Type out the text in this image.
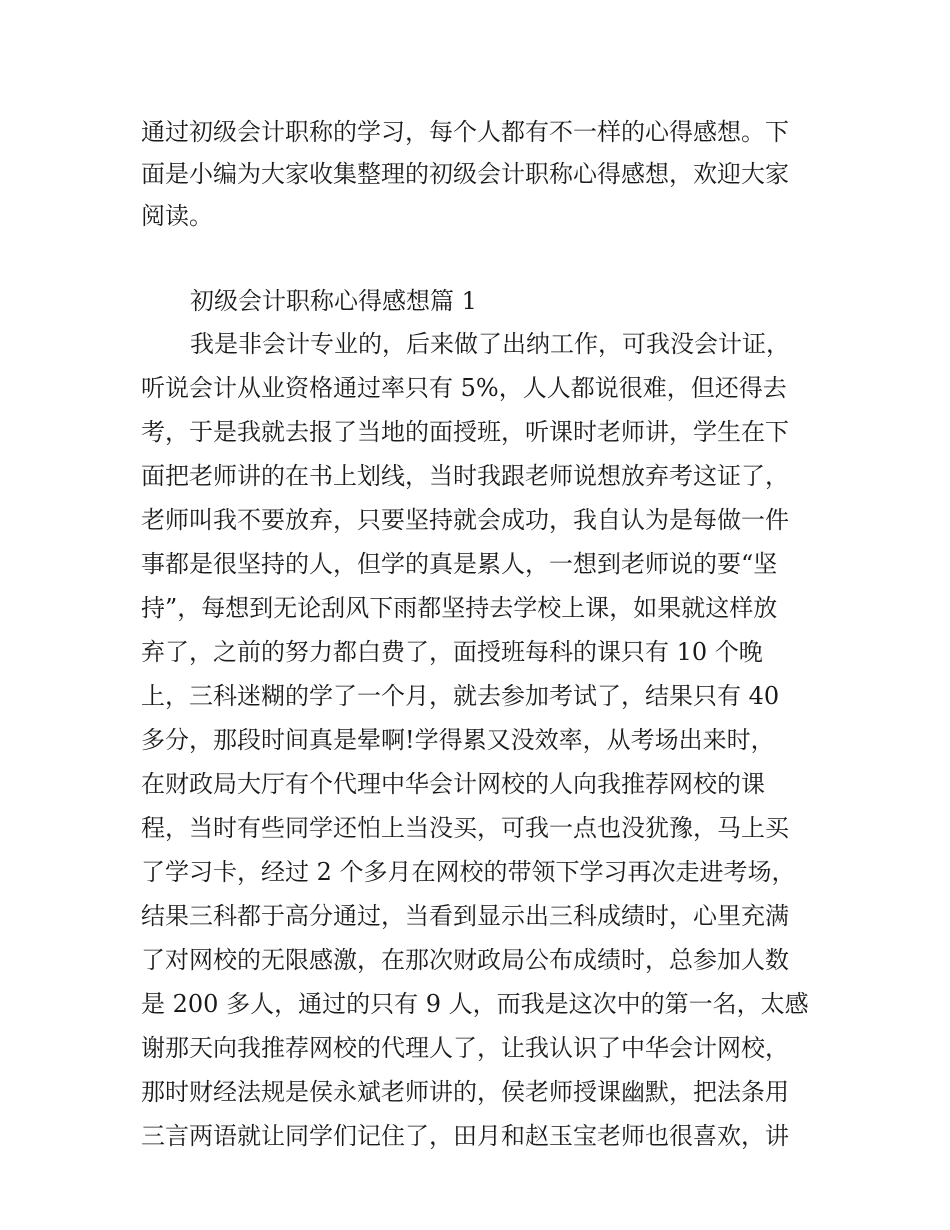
通过初级会计职称的学习，每个人都有不一样的心得感想。下
面是小编为大家收集整理的初级会计职称心得感想，欢迎大家
阅读。

初级会计职称心得感想篇 1

我是非会计专业的，后来做了出纳工作，可我没会计证，
听说会计从业资格通过率只有 5%，人人都说很难，但还得去
考，于是我就去报了当地的面授班，听课时老师讲，学生在下
面把老师讲的在书上划线，当时我跟老师说想放弃考这证了，
老师叫我不要放弃，只要坚持就会成功，我自认为是每做一件
事都是很坚持的人，但学的真是累人，一想到老师说的要“坚
持”，每想到无论刮风下雨都坚持去学校上课，如果就这样放
弃了，之前的努力都白费了，面授班每科的课只有 10 个晚
上，三科迷糊的学了一个月，就去参加考试了，结果只有 40
多分，那段时间真是晕啊!学得累又没效率，从考场出来时，
在财政局大厅有个代理中华会计网校的人向我推荐网校的课
程，当时有些同学还怕上当没买，可我一点也没犹豫，马上买
了学习卡，经过 2 个多月在网校的带领下学习再次走进考场，
结果三科都于高分通过，当看到显示出三科成绩时，心里充满
了对网校的无限感激，在那次财政局公布成绩时，总参加人数
是 200 多人，通过的只有 9 人，而我是这次中的第一名，太感
谢那天向我推荐网校的代理人了，让我认识了中华会计网校，
那时财经法规是侯永斌老师讲的，侯老师授课幽默，把法条用
三言两语就让同学们记住了，田月和赵玉宝老师也很喜欢，讲
